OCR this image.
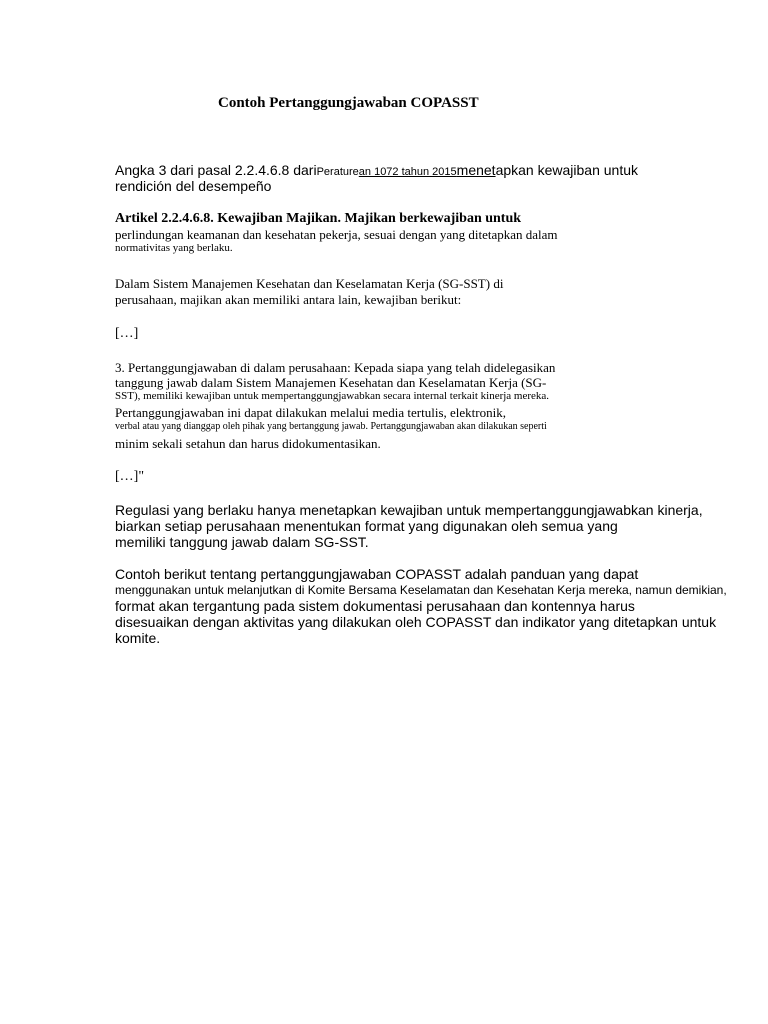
Contoh Pertanggungjawaban COPASST
Angka 3 dari pasal 2.2.4.6.8 dariPeraturean 1072 tahun 2015menetapkan kewajiban untuk
rendición del desempeño
Artikel 2.2.4.6.8. Kewajiban Majikan. Majikan berkewajiban untuk
perlindungan keamanan dan kesehatan pekerja, sesuai dengan yang ditetapkan dalam
normativitas yang berlaku.
Dalam Sistem Manajemen Kesehatan dan Keselamatan Kerja (SG-SST) di
perusahaan, majikan akan memiliki antara lain, kewajiban berikut:
[…]
3. Pertanggungjawaban di dalam perusahaan: Kepada siapa yang telah didelegasikan
tanggung jawab dalam Sistem Manajemen Kesehatan dan Keselamatan Kerja (SG-
SST), memiliki kewajiban untuk mempertanggungjawabkan secara internal terkait kinerja mereka.
Pertanggungjawaban ini dapat dilakukan melalui media tertulis, elektronik,
verbal atau yang dianggap oleh pihak yang bertanggung jawab. Pertanggungjawaban akan dilakukan seperti
minim sekali setahun dan harus didokumentasikan.
[…]"
Regulasi yang berlaku hanya menetapkan kewajiban untuk mempertanggungjawabkan kinerja,
biarkan setiap perusahaan menentukan format yang digunakan oleh semua yang
memiliki tanggung jawab dalam SG-SST.
Contoh berikut tentang pertanggungjawaban COPASST adalah panduan yang dapat
menggunakan untuk melanjutkan di Komite Bersama Keselamatan dan Kesehatan Kerja mereka, namun demikian,
format akan tergantung pada sistem dokumentasi perusahaan dan kontennya harus
disesuaikan dengan aktivitas yang dilakukan oleh COPASST dan indikator yang ditetapkan untuk
komite.
